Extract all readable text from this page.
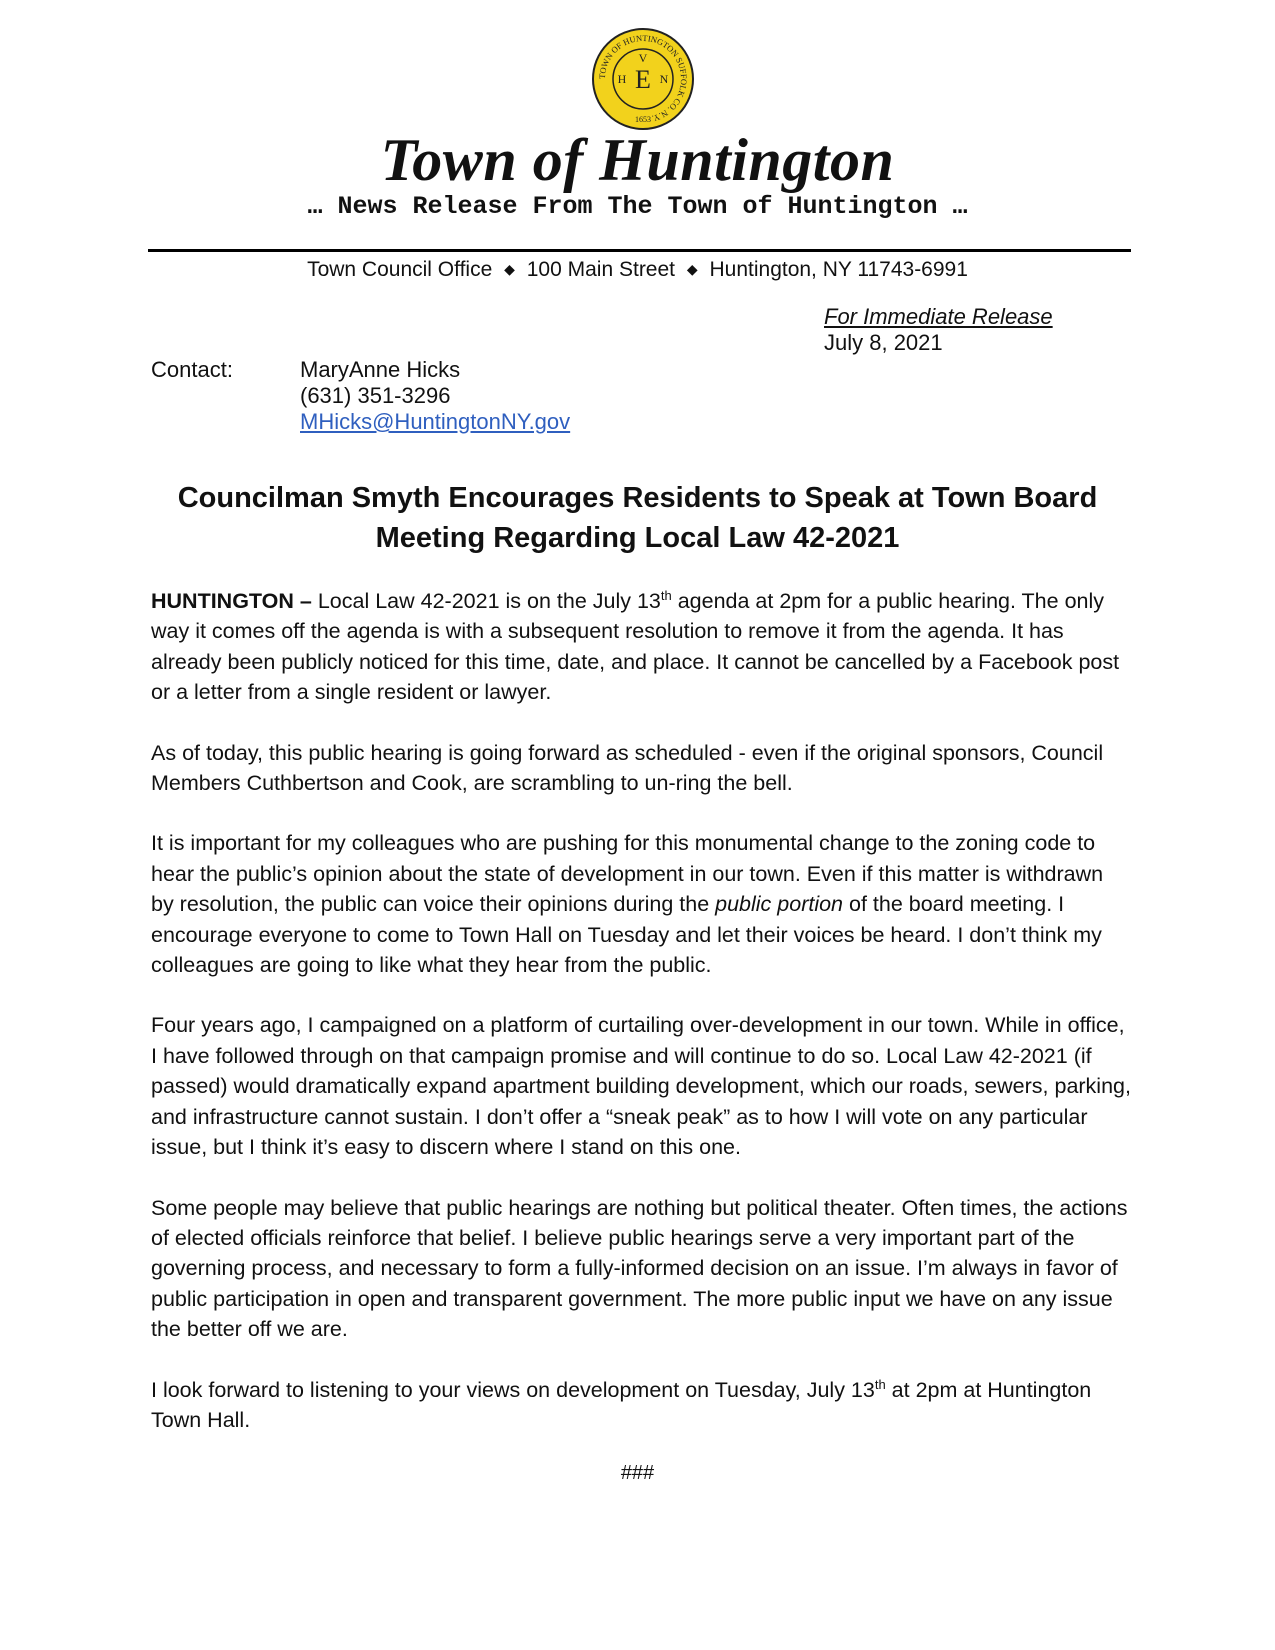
TOWN OF HUNTINGTON SUFFOLK CO. N.Y.
E
V
H	N
1653
Town of Huntington
… News Release From The Town of Huntington …
Town Council Office ◆ 100 Main Street ◆ Huntington, NY 11743-6991
For Immediate Release
July 8, 2021
Contact:	MaryAnne Hicks
(631) 351-3296
MHicks@HuntingtonNY.gov
Councilman Smyth Encourages Residents to Speak at Town Board
Meeting Regarding Local Law 42-2021

HUNTINGTON – Local Law 42-2021 is on the July 13th agenda at 2pm for a public hearing. The only way it comes off the agenda is with a subsequent resolution to remove it from the agenda. It has already been publicly noticed for this time, date, and place. It cannot be cancelled by a Facebook post or a letter from a single resident or lawyer.

As of today, this public hearing is going forward as scheduled - even if the original sponsors, Council Members Cuthbertson and Cook, are scrambling to un-ring the bell.

It is important for my colleagues who are pushing for this monumental change to the zoning code to hear the public’s opinion about the state of development in our town. Even if this matter is withdrawn by resolution, the public can voice their opinions during the public portion of the board meeting. I encourage everyone to come to Town Hall on Tuesday and let their voices be heard. I don’t think my colleagues are going to like what they hear from the public.

Four years ago, I campaigned on a platform of curtailing over-development in our town. While in office, I have followed through on that campaign promise and will continue to do so. Local Law 42-2021 (if passed) would dramatically expand apartment building development, which our roads, sewers, parking, and infrastructure cannot sustain. I don’t offer a “sneak peak” as to how I will vote on any particular issue, but I think it’s easy to discern where I stand on this one.

Some people may believe that public hearings are nothing but political theater. Often times, the actions of elected officials reinforce that belief. I believe public hearings serve a very important part of the governing process, and necessary to form a fully-informed decision on an issue. I’m always in favor of public participation in open and transparent government. The more public input we have on any issue the better off we are.

I look forward to listening to your views on development on Tuesday, July 13th at 2pm at Huntington Town Hall.

###
